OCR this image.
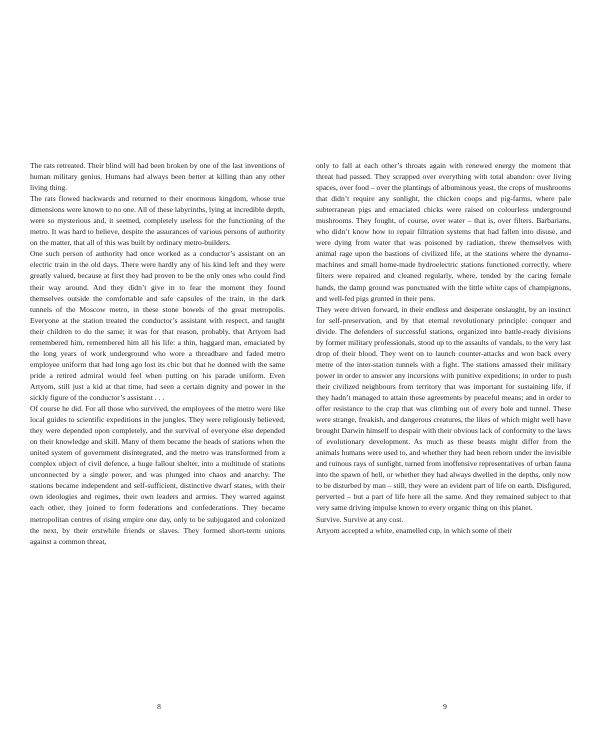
The rats retreated. Their blind will had been broken by one of the last inventions of human military genius. Humans had always been better at killing than any other living thing.

The rats flowed backwards and returned to their enormous kingdom, whose true dimensions were known to no one. All of these labyrinths, lying at incredible depth, were so mysterious and, it seemed, completely useless for the functioning of the metro. It was hard to believe, despite the assurances of various persons of authority on the matter, that all of this was built by ordinary metro-builders.

One such person of authority had once worked as a conductor’s assistant on an electric train in the old days. There were hardly any of his kind left and they were greatly valued, because at first they had proven to be the only ones who could find their way around. And they didn’t give in to fear the moment they found themselves outside the comfortable and safe capsules of the train, in the dark tunnels of the Moscow metro, in these stone bowels of the great metropolis. Everyone at the station treated the conductor’s assistant with respect, and taught their children to do the same; it was for that reason, probably, that Artyom had remembered him, remembered him all his life: a thin, haggard man, emaciated by the long years of work underground who wore a threadbare and faded metro employee uniform that had long ago lost its chic but that he donned with the same pride a retired admiral would feel when putting on his parade uniform. Even Artyom, still just a kid at that time, had seen a certain dignity and power in the sickly figure of the conductor’s assistant . . .

Of course he did. For all those who survived, the employees of the metro were like local guides to scientific expeditions in the jungles. They were religiously believed, they were depended upon completely, and the survival of everyone else depended on their knowledge and skill. Many of them became the heads of stations when the united system of government disintegrated, and the metro was transformed from a complex object of civil defence, a huge fallout shelter, into a multitude of stations unconnected by a single power, and was plunged into chaos and anarchy. The stations became independent and self-sufficient, distinctive dwarf states, with their own ideologies and regimes, their own leaders and armies. They warred against each other, they joined to form federations and confederations. They became metropolitan centres of rising empire one day, only to be subjugated and colonized the next, by their erstwhile friends or slaves. They formed short-term unions against a common threat,

8

only to fall at each other’s throats again with renewed energy the moment that threat had passed. They scrapped over everything with total abandon: over living spaces, over food – over the plantings of albuminous yeast, the crops of mushrooms that didn’t require any sunlight, the chicken coops and pig-farms, where pale subterranean pigs and emaciated chicks were raised on colourless underground mushrooms. They fought, of course, over water – that is, over filters. Barbarians, who didn’t know how to repair filtration systems that had fallen into disuse, and were dying from water that was poisoned by radiation, threw themselves with animal rage upon the bastions of civilized life, at the stations where the dynamo-machines and small home-made hydroelectric stations functioned correctly, where filters were repaired and cleaned regularly, where, tended by the caring female hands, the damp ground was punctuated with the little white caps of champignons, and well-fed pigs grunted in their pens.

They were driven forward, in their endless and desperate onslaught, by an instinct for self-preservation, and by that eternal revolutionary principle: conquer and divide. The defenders of successful stations, organized into battle-ready divisions by former military professionals, stood up to the assaults of vandals, to the very last drop of their blood. They went on to launch counter-attacks and won back every metre of the inter-station tunnels with a fight. The stations amassed their military power in order to answer any incursions with punitive expeditions; in order to push their civilized neighbours from territory that was important for sustaining life, if they hadn’t managed to attain these agreements by peaceful means; and in order to offer resistance to the crap that was climbing out of every hole and tunnel. These were strange, freakish, and dangerous creatures, the likes of which might well have brought Darwin himself to despair with their obvious lack of conformity to the laws of evolutionary development. As much as these beasts might differ from the animals humans were used to, and whether they had been reborn under the invisible and ruinous rays of sunlight, turned from inoffensive representatives of urban fauna into the spawn of hell, or whether they had always dwelled in the depths, only now to be disturbed by man – still, they were an evident part of life on earth. Disfigured, perverted – but a part of life here all the same. And they remained subject to that very same driving impulse known to every organic thing on this planet.

Survive. Survive at any cost.

Artyom accepted a white, enamelled cup, in which some of their

9
